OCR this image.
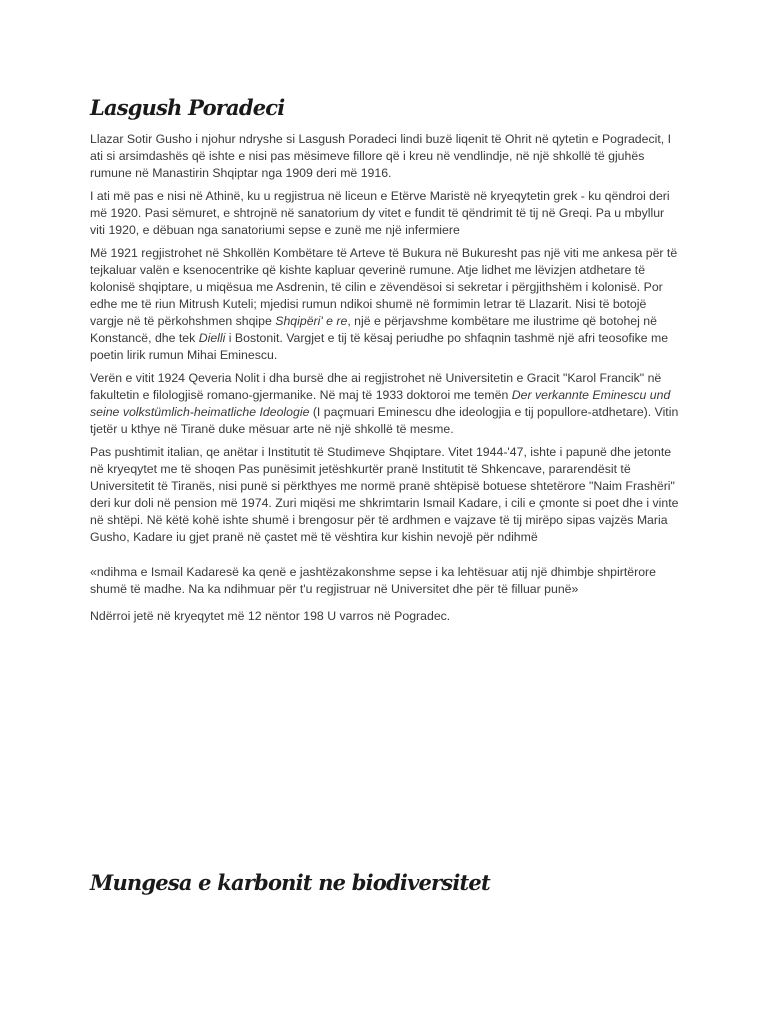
Lasgush Poradeci

Llazar Sotir Gusho i njohur ndryshe si Lasgush Poradeci lindi buzë liqenit të Ohrit në qytetin e Pogradecit, I ati si arsimdashës që ishte e nisi pas mësimeve fillore që i kreu në vendlindje, në një shkollë të gjuhës rumune në Manastirin Shqiptar nga 1909 deri më 1916.

I ati më pas e nisi në Athinë, ku u regjistrua në liceun e Etërve Maristë në kryeqytetin grek - ku qëndroi deri më 1920. Pasi sëmuret, e shtrojnë në sanatorium dy vitet e fundit të qëndrimit të tij në Greqi. Pa u mbyllur viti 1920, e dëbuan nga sanatoriumi sepse e zunë me një infermiere

Më 1921 regjistrohet në Shkollën Kombëtare të Arteve të Bukura në Bukuresht pas një viti me ankesa për të tejkaluar valën e ksenocentrike që kishte kapluar qeverinë rumune. Atje lidhet me lëvizjen atdhetare të kolonisë shqiptare, u miqësua me Asdrenin, të cilin e zëvendësoi si sekretar i përgjithshëm i kolonisë. Por edhe me të riun Mitrush Kuteli; mjedisi rumun ndikoi shumë në formimin letrar të Llazarit. Nisi të botojë vargje në të përkohshmen shqipe Shqipëri' e re, një e përjavshme kombëtare me ilustrime që botohej në Konstancë, dhe tek Dielli i Bostonit. Vargjet e tij të kësaj periudhe po shfaqnin tashmë një afri teosofike me poetin lirik rumun Mihai Eminescu.

Verën e vitit 1924 Qeveria Nolit i dha bursë dhe ai regjistrohet në Universitetin e Gracit "Karol Francik" në fakultetin e filologjisë romano-gjermanike. Në maj të 1933 doktoroi me temën Der verkannte Eminescu und seine volkstümlich-heimatliche Ideologie (I paçmuari Eminescu dhe ideologjia e tij popullore-atdhetare). Vitin tjetër u kthye në Tiranë duke mësuar arte në një shkollë të mesme.

Pas pushtimit italian, qe anëtar i Institutit të Studimeve Shqiptare. Vitet 1944-'47, ishte i papunë dhe jetonte në kryeqytet me të shoqen Pas punësimit jetëshkurtër pranë Institutit të Shkencave, pararendësit të Universitetit të Tiranës, nisi punë si përkthyes me normë pranë shtëpisë botuese shtetërore "Naim Frashëri" deri kur doli në pension më 1974. Zuri miqësi me shkrimtarin Ismail Kadare, i cili e çmonte si poet dhe i vinte në shtëpi. Në këtë kohë ishte shumë i brengosur për të ardhmen e vajzave të tij mirëpo sipas vajzës Maria Gusho, Kadare iu gjet pranë në çastet më të vështira kur kishin nevojë për ndihmë

«ndihma e Ismail Kadaresë ka qenë e jashtëzakonshme sepse i ka lehtësuar atij një dhimbje shpirtërore shumë të madhe. Na ka ndihmuar për t'u regjistruar në Universitet dhe për të filluar punë»

Ndërroi jetë në kryeqytet më 12 nëntor 198 U varros në Pogradec.

Mungesa e karbonit ne biodiversitet
